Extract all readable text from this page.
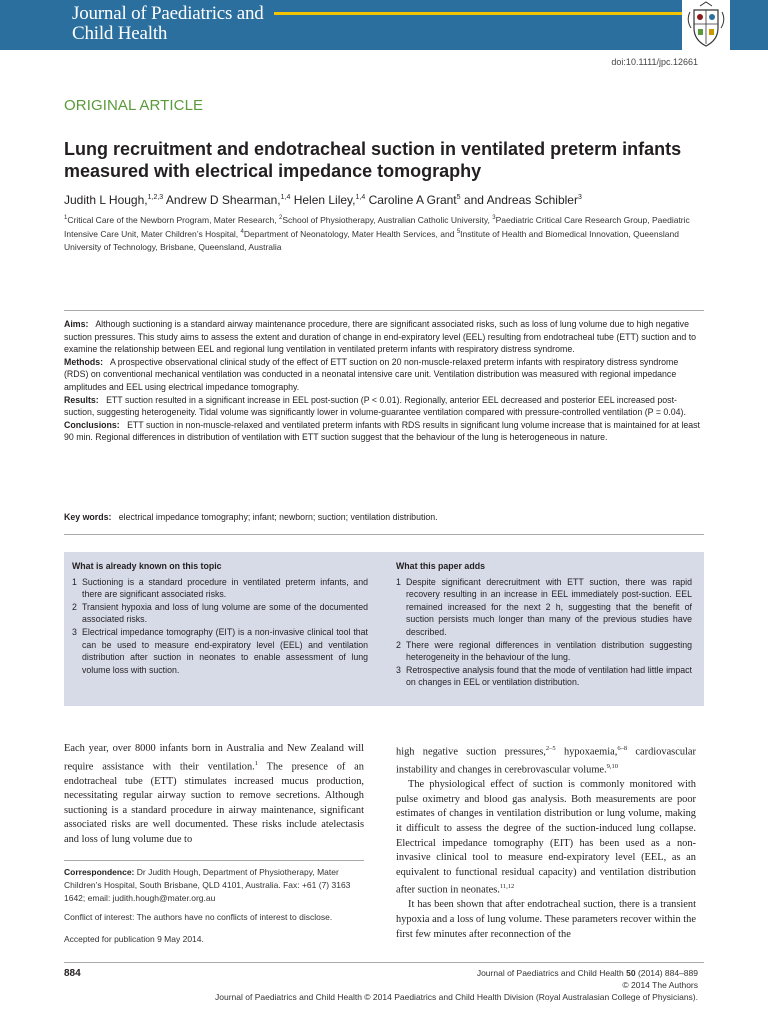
Journal of Paediatrics and
Child Health
doi:10.1111/jpc.12661
ORIGINAL ARTICLE
Lung recruitment and endotracheal suction in ventilated preterm infants measured with electrical impedance tomography
Judith L Hough,$^{1,2,3}$ Andrew D Shearman,$^{1,4}$ Helen Liley,$^{1,4}$ Caroline A Grant$^5$ and Andreas Schibler$^3$
$^1$Critical Care of the Newborn Program, Mater Research, $^2$School of Physiotherapy, Australian Catholic University, $^3$Paediatric Critical Care Research Group, Paediatric Intensive Care Unit, Mater Children’s Hospital, $^4$Department of Neonatology, Mater Health Services, and $^5$Institute of Health and Biomedical Innovation, Queensland University of Technology, Brisbane, Queensland, Australia
Aims: Although suctioning is a standard airway maintenance procedure, there are significant associated risks, such as loss of lung volume due to high negative suction pressures. This study aims to assess the extent and duration of change in end-expiratory level (EEL) resulting from endotracheal tube (ETT) suction and to examine the relationship between EEL and regional lung ventilation in ventilated preterm infants with respiratory distress syndrome.
Methods: A prospective observational clinical study of the effect of ETT suction on 20 non-muscle-relaxed preterm infants with respiratory distress syndrome (RDS) on conventional mechanical ventilation was conducted in a neonatal intensive care unit. Ventilation distribution was measured with regional impedance amplitudes and EEL using electrical impedance tomography.
Results: ETT suction resulted in a significant increase in EEL post-suction (P < 0.01). Regionally, anterior EEL decreased and posterior EEL increased post-suction, suggesting heterogeneity. Tidal volume was significantly lower in volume-guarantee ventilation compared with pressure-controlled ventilation (P = 0.04).
Conclusions: ETT suction in non-muscle-relaxed and ventilated preterm infants with RDS results in significant lung volume increase that is maintained for at least 90 min. Regional differences in distribution of ventilation with ETT suction suggest that the behaviour of the lung is heterogeneous in nature.
Key words: electrical impedance tomography; infant; newborn; suction; ventilation distribution.
What is already known on this topic
1 Suctioning is a standard procedure in ventilated preterm infants, and there are significant associated risks.
2 Transient hypoxia and loss of lung volume are some of the documented associated risks.
3 Electrical impedance tomography (EIT) is a non-invasive clinical tool that can be used to measure end-expiratory level (EEL) and ventilation distribution after suction in neonates to enable assessment of lung volume loss with suction.
What this paper adds
1 Despite significant derecruitment with ETT suction, there was rapid recovery resulting in an increase in EEL immediately post-suction. EEL remained increased for the next 2 h, suggesting that the benefit of suction persists much longer than many of the previous studies have described.
2 There were regional differences in ventilation distribution suggesting heterogeneity in the behaviour of the lung.
3 Retrospective analysis found that the mode of ventilation had little impact on changes in EEL or ventilation distribution.

Each year, over 8000 infants born in Australia and New Zealand will require assistance with their ventilation.$^1$ The presence of an endotracheal tube (ETT) stimulates increased mucus production, necessitating regular airway suction to remove secretions. Although suctioning is a standard procedure in airway maintenance, significant associated risks are well documented. These risks include atelectasis and loss of lung volume due to

high negative suction pressures,$^{2-5}$ hypoxaemia,$^{6-8}$ cardiovascular instability and changes in cerebrovascular volume.$^{9,10}$

The physiological effect of suction is commonly monitored with pulse oximetry and blood gas analysis. Both measurements are poor estimates of changes in ventilation distribution or lung volume, making it difficult to assess the degree of the suction-induced lung collapse. Electrical impedance tomography (EIT) has been used as a non-invasive clinical tool to measure end-expiratory level (EEL, as an equivalent to functional residual capacity) and ventilation distribution after suction in neonates.$^{11,12}$

It has been shown that after endotracheal suction, there is a transient hypoxia and a loss of lung volume. These parameters recover within the first few minutes after reconnection of the

Correspondence: Dr Judith Hough, Department of Physiotherapy, Mater Children’s Hospital, South Brisbane, QLD 4101, Australia. Fax: +61 (7) 3163 1642; email: judith.hough@mater.org.au
Conflict of interest: The authors have no conflicts of interest to disclose.
Accepted for publication 9 May 2014.
884	Journal of Paediatrics and Child Health 50 (2014) 884–889
© 2014 The Authors
Journal of Paediatrics and Child Health © 2014 Paediatrics and Child Health Division (Royal Australasian College of Physicians).
